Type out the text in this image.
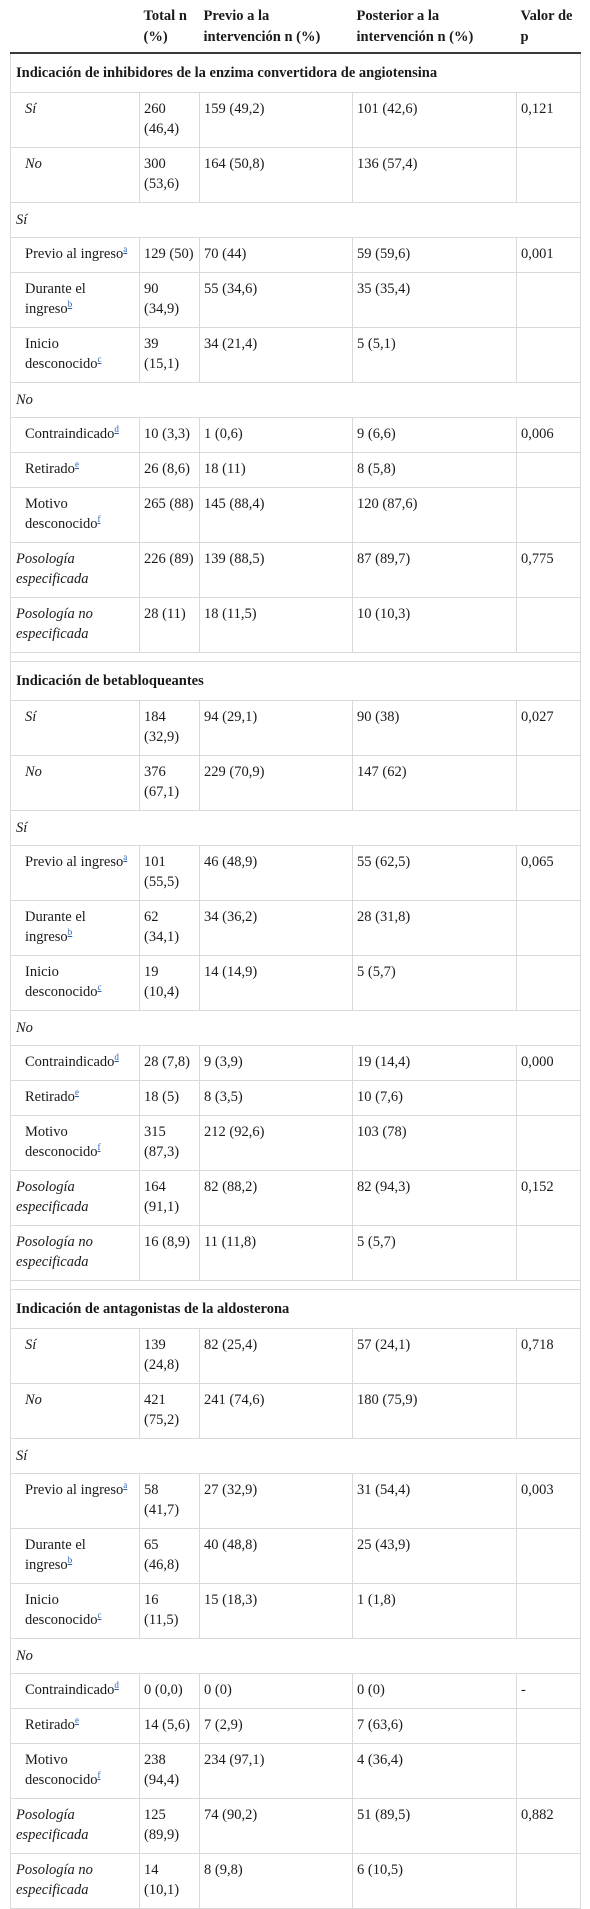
	Total n (%)	Previo a la intervención n (%)	Posterior a la intervención n (%)	Valor de p
Indicación de inhibidores de la enzima convertidora de angiotensina				
Sí	260 (46,4)	159 (49,2)	101 (42,6)	0,121
No	300 (53,6)	164 (50,8)	136 (57,4)	
Sí				
Previo al ingreso$^a$	129 (50)	70 (44)	59 (59,6)	0,001
Durante el ingreso$^b$	90 (34,9)	55 (34,6)	35 (35,4)	
Inicio desconocido$^c$	39 (15,1)	34 (21,4)	5 (5,1)	
No				
Contraindicado$^d$	10 (3,3)	1 (0,6)	9 (6,6)	0,006
Retirado$^e$	26 (8,6)	18 (11)	8 (5,8)	
Motivo desconocido$^f$	265 (88)	145 (88,4)	120 (87,6)	
Posología especificada	226 (89)	139 (88,5)	87 (89,7)	0,775
Posología no especificada	28 (11)	18 (11,5)	10 (10,3)	

Indicación de betabloqueantes				
Sí	184 (32,9)	94 (29,1)	90 (38)	0,027
No	376 (67,1)	229 (70,9)	147 (62)	
Sí				
Previo al ingreso$^a$	101 (55,5)	46 (48,9)	55 (62,5)	0,065
Durante el ingreso$^b$	62 (34,1)	34 (36,2)	28 (31,8)	
Inicio desconocido$^c$	19 (10,4)	14 (14,9)	5 (5,7)	
No				
Contraindicado$^d$	28 (7,8)	9 (3,9)	19 (14,4)	0,000
Retirado$^e$	18 (5)	8 (3,5)	10 (7,6)	
Motivo desconocido$^f$	315 (87,3)	212 (92,6)	103 (78)	
Posología especificada	164 (91,1)	82 (88,2)	82 (94,3)	0,152
Posología no especificada	16 (8,9)	11 (11,8)	5 (5,7)	

Indicación de antagonistas de la aldosterona				
Sí	139 (24,8)	82 (25,4)	57 (24,1)	0,718
No	421 (75,2)	241 (74,6)	180 (75,9)	
Sí				
Previo al ingreso$^a$	58 (41,7)	27 (32,9)	31 (54,4)	0,003
Durante el ingreso$^b$	65 (46,8)	40 (48,8)	25 (43,9)	
Inicio desconocido$^c$	16 (11,5)	15 (18,3)	1 (1,8)	
No				
Contraindicado$^d$	0 (0,0)	0 (0)	0 (0)	-
Retirado$^e$	14 (5,6)	7 (2,9)	7 (63,6)	
Motivo desconocido$^f$	238 (94,4)	234 (97,1)	4 (36,4)	
Posología especificada	125 (89,9)	74 (90,2)	51 (89,5)	0,882
Posología no especificada	14 (10,1)	8 (9,8)	6 (10,5)	
